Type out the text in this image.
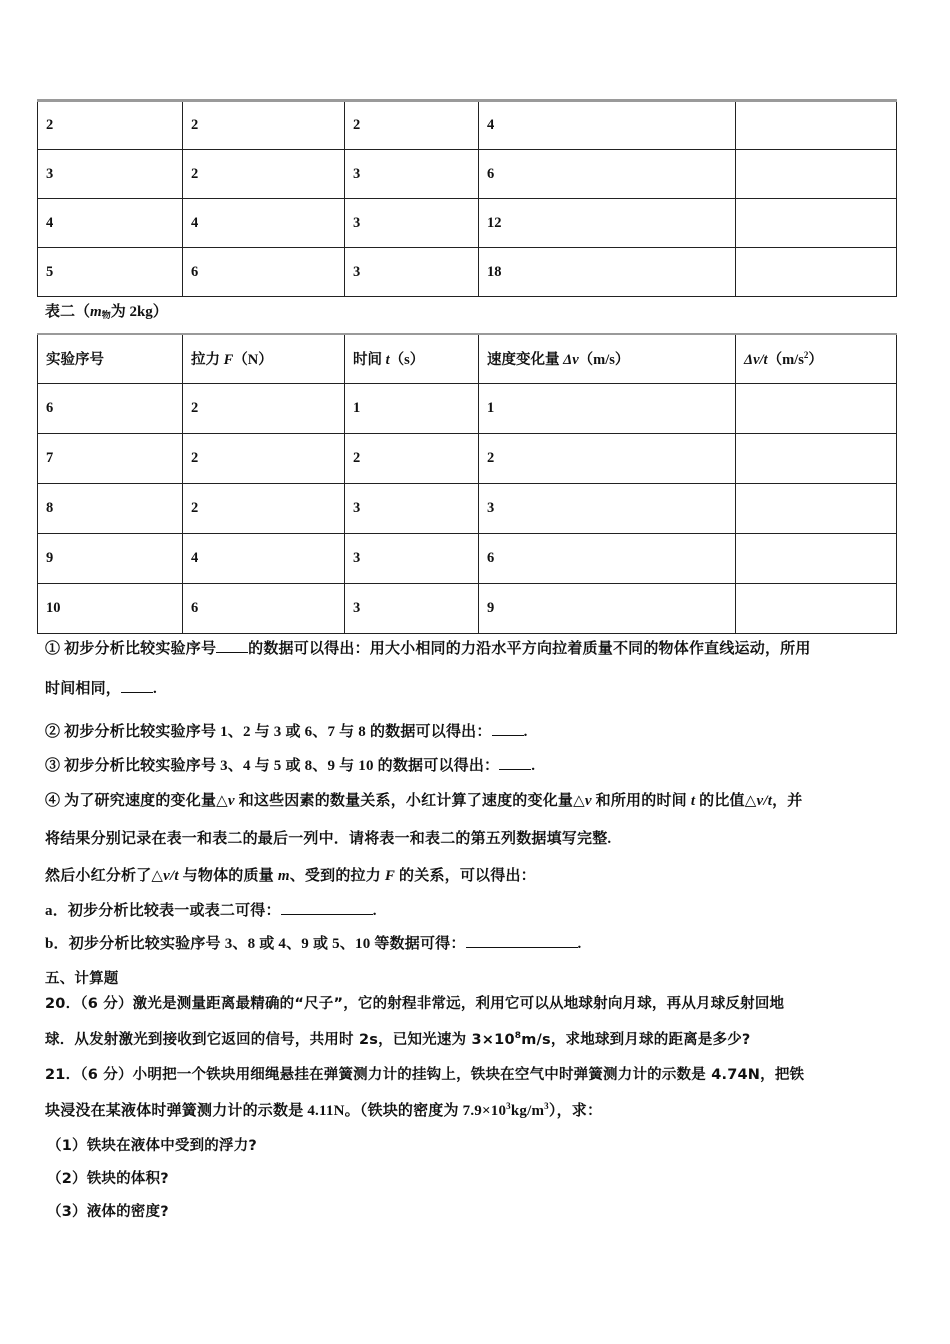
2	2	2	4	
3	2	3	6	
4	4	3	12	
5	6	3	18	
表二（$m_物$为 2kg）
实验序号	拉力 F（N）	时间 t（s）	速度变化量 Δv（m/s）	$\Delta v/t(m/s^2)$
6	2	1	1	
7	2	2	2	
8	2	3	3	
9	4	3	6	
10	6	3	9	
① 初步分析比较实验序号 的数据可以得出：用大小相同的力沿水平方向拉着质量不同的物体作直线运动，所用
时间相同， .
② 初步分析比较实验序号 1、2 与 3 或 6、7 与 8 的数据可以得出： .
③ 初步分析比较实验序号 3、4 与 5 或 8、9 与 10 的数据可以得出： .
④ 为了研究速度的变化量△v 和这些因素的数量关系，小红计算了速度的变化量△v 和所用的时间 t 的比值△v/t，并
将结果分别记录在表一和表二的最后一列中．请将表一和表二的第五列数据填写完整.
然后小红分析了△v/t 与物体的质量 m、受到的拉力 F 的关系，可以得出：
a．初步分析比较表一或表二可得：	.
b．初步分析比较实验序号 3、8 或 4、9 或 5、10 等数据可得：	.
五、计算题
20．（6 分）激光是测量距离最精确的“尺子”，它的射程非常远，利用它可以从地球射向月球，再从月球反射回地
球．从发射激光到接收到它返回的信号，共用时 2s，已知光速为 $3\times 10^8m/s$，求地球到月球的距离是多少?
21．（6 分）小明把一个铁块用细绳悬挂在弹簧测力计的挂钩上，铁块在空气中时弹簧测力计的示数是 4.74N，把铁
块浸没在某液体时弹簧测力计的示数是 4.11N。（铁块的密度为 $7.9\times 10^3kg/m^3$），求：
（1）铁块在液体中受到的浮力?
（2）铁块的体积?
（3）液体的密度?
